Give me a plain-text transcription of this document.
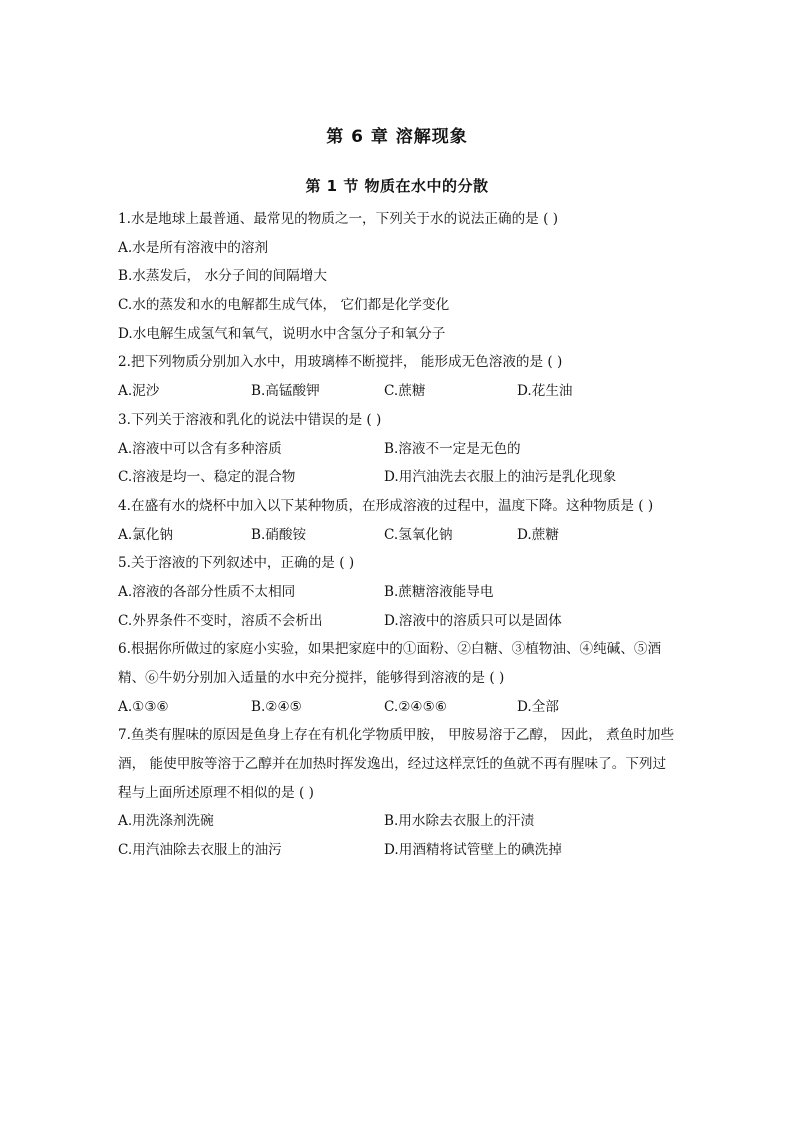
第 6 章 溶解现象
第 1 节 物质在水中的分散
1.水是地球上最普通、最常见的物质之一，下列关于水的说法正确的是 ( )
A.水是所有溶液中的溶剂
B.水蒸发后， 水分子间的间隔增大
C.水的蒸发和水的电解都生成气体， 它们都是化学变化
D.水电解生成氢气和氧气，说明水中含氢分子和氧分子
2.把下列物质分别加入水中，用玻璃棒不断搅拌， 能形成无色溶液的是 ( )
A.泥沙	B.高锰酸钾	C.蔗糖	D.花生油
3.下列关于溶液和乳化的说法中错误的是 ( )
A.溶液中可以含有多种溶质	B.溶液不一定是无色的
C.溶液是均一、稳定的混合物	D.用汽油洗去衣服上的油污是乳化现象
4.在盛有水的烧杯中加入以下某种物质，在形成溶液的过程中，温度下降。这种物质是 ( )
A.氯化钠	B.硝酸铵	C.氢氧化钠	D.蔗糖
5.关于溶液的下列叙述中，正确的是 ( )
A.溶液的各部分性质不太相同	B.蔗糖溶液能导电
C.外界条件不变时，溶质不会析出	D.溶液中的溶质只可以是固体
6.根据你所做过的家庭小实验，如果把家庭中的①面粉、②白糖、③植物油、④纯碱、⑤酒
精、⑥牛奶分别加入适量的水中充分搅拌，能够得到溶液的是 ( )
A.①③⑥	B.②④⑤	C.②④⑤⑥	D.全部
7.鱼类有腥味的原因是鱼身上存在有机化学物质甲胺， 甲胺易溶于乙醇， 因此， 煮鱼时加些
酒， 能使甲胺等溶于乙醇并在加热时挥发逸出，经过这样烹饪的鱼就不再有腥味了。下列过
程与上面所述原理不相似的是 ( )
A.用洗涤剂洗碗	B.用水除去衣服上的汗渍
C.用汽油除去衣服上的油污	D.用酒精将试管壁上的碘洗掉
